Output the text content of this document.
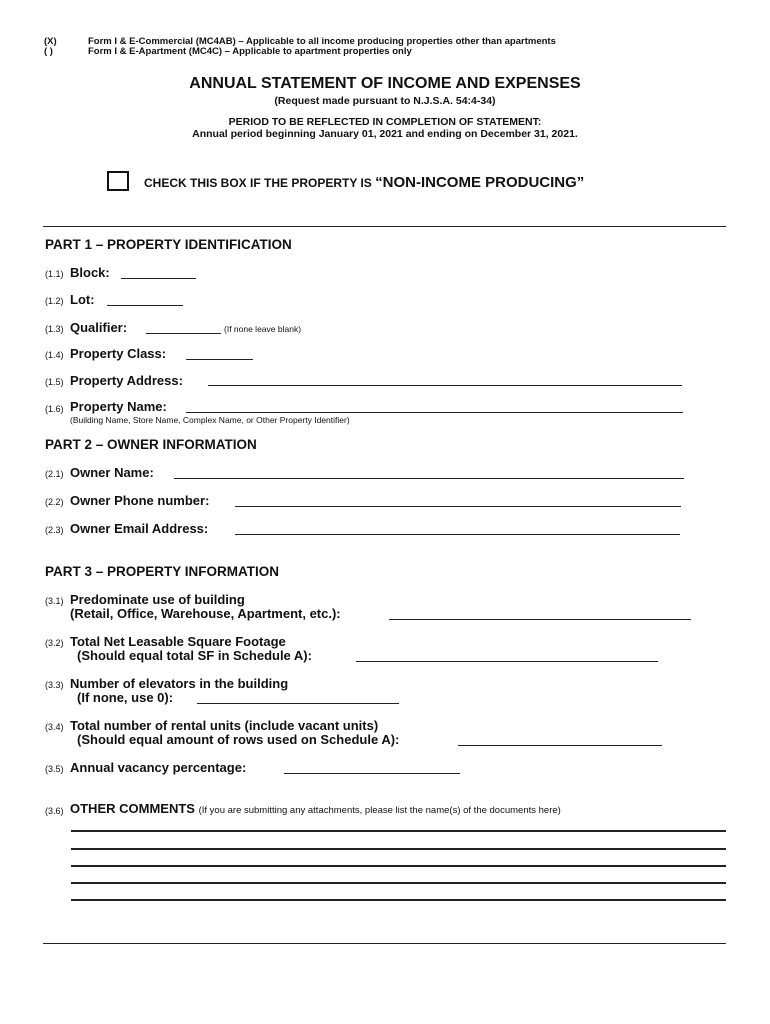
(X)	Form I & E-Commercial (MC4AB) – Applicable to all income producing properties other than apartments
( )	Form I & E-Apartment (MC4C) – Applicable to apartment properties only
ANNUAL STATEMENT OF INCOME AND EXPENSES
(Request made pursuant to N.J.S.A. 54:4-34)
PERIOD TO BE REFLECTED IN COMPLETION OF STATEMENT:
Annual period beginning January 01, 2021 and ending on December 31, 2021.
CHECK THIS BOX IF THE PROPERTY IS “NON-INCOME PRODUCING”
PART 1 – PROPERTY IDENTIFICATION
(1.1) Block:
(1.2) Lot:
(1.3) Qualifier:	(If none leave blank)
(1.4) Property Class:
(1.5) Property Address:
(1.6) Property Name:
(Building Name, Store Name, Complex Name, or Other Property Identifier)
PART 2 – OWNER INFORMATION
(2.1) Owner Name:
(2.2) Owner Phone number:
(2.3) Owner Email Address:
PART 3 – PROPERTY INFORMATION
(3.1) Predominate use of building
(Retail, Office, Warehouse, Apartment, etc.):
(3.2) Total Net Leasable Square Footage
(Should equal total SF in Schedule A):
(3.3) Number of elevators in the building
(If none, use 0):
(3.4) Total number of rental units (include vacant units)
(Should equal amount of rows used on Schedule A):
(3.5) Annual vacancy percentage:
(3.6) OTHER COMMENTS (If you are submitting any attachments, please list the name(s) of the documents here)
